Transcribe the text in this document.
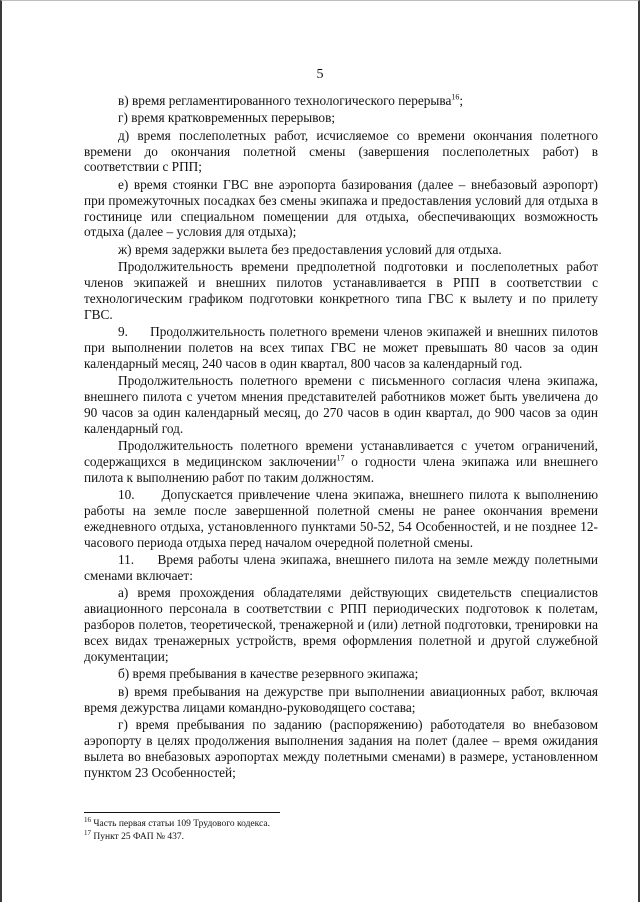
5

в) время регламентированного технологического перерыва$^{16}$;

г) время кратковременных перерывов;

д) время послеполетных работ, исчисляемое со времени окончания полетного времени до окончания полетной смены (завершения послеполетных работ) в соответствии с РПП;

е) время стоянки ГВС вне аэропорта базирования (далее – внебазовый аэропорт) при промежуточных посадках без смены экипажа и предоставления условий для отдыха в гостинице или специальном помещении для отдыха, обеспечивающих возможность отдыха (далее – условия для отдыха);

ж) время задержки вылета без предоставления условий для отдыха.

Продолжительность времени предполетной подготовки и послеполетных работ членов экипажей и внешних пилотов устанавливается в РПП в соответствии с технологическим графиком подготовки конкретного типа ГВС к вылету и по прилету ГВС.

9.     Продолжительность полетного времени членов экипажей и внешних пилотов при выполнении полетов на всех типах ГВС не может превышать 80 часов за один календарный месяц, 240 часов в один квартал, 800 часов за календарный год.

Продолжительность полетного времени с письменного согласия члена экипажа, внешнего пилота с учетом мнения представителей работников может быть увеличена до 90 часов за один календарный месяц, до 270 часов в один квартал, до 900 часов за один календарный год.

Продолжительность полетного времени устанавливается с учетом ограничений, содержащихся в медицинском заключении$^{17}$ о годности члена экипажа или внешнего пилота к выполнению работ по таким должностям.

10.     Допускается привлечение члена экипажа, внешнего пилота к выполнению работы на земле после завершенной полетной смены не ранее окончания времени ежедневного отдыха, установленного пунктами 50-52, 54 Особенностей, и не позднее 12-часового периода отдыха перед началом очередной полетной смены.

11.     Время работы члена экипажа, внешнего пилота на земле между полетными сменами включает:

а) время прохождения обладателями действующих свидетельств специалистов авиационного персонала в соответствии с РПП периодических подготовок к полетам, разборов полетов, теоретической, тренажерной и (или) летной подготовки, тренировки на всех видах тренажерных устройств, время оформления полетной и другой служебной документации;

б) время пребывания в качестве резервного экипажа;

в) время пребывания на дежурстве при выполнении авиационных работ, включая время дежурства лицами командно-руководящего состава;

г) время пребывания по заданию (распоряжению) работодателя во внебазовом аэропорту в целях продолжения выполнения задания на полет (далее – время ожидания вылета во внебазовых аэропортах между полетными сменами) в размере, установленном пунктом 23 Особенностей;

$^{16}$ Часть первая статьи 109 Трудового кодекса.
$^{17}$ Пункт 25 ФАП № 437.
